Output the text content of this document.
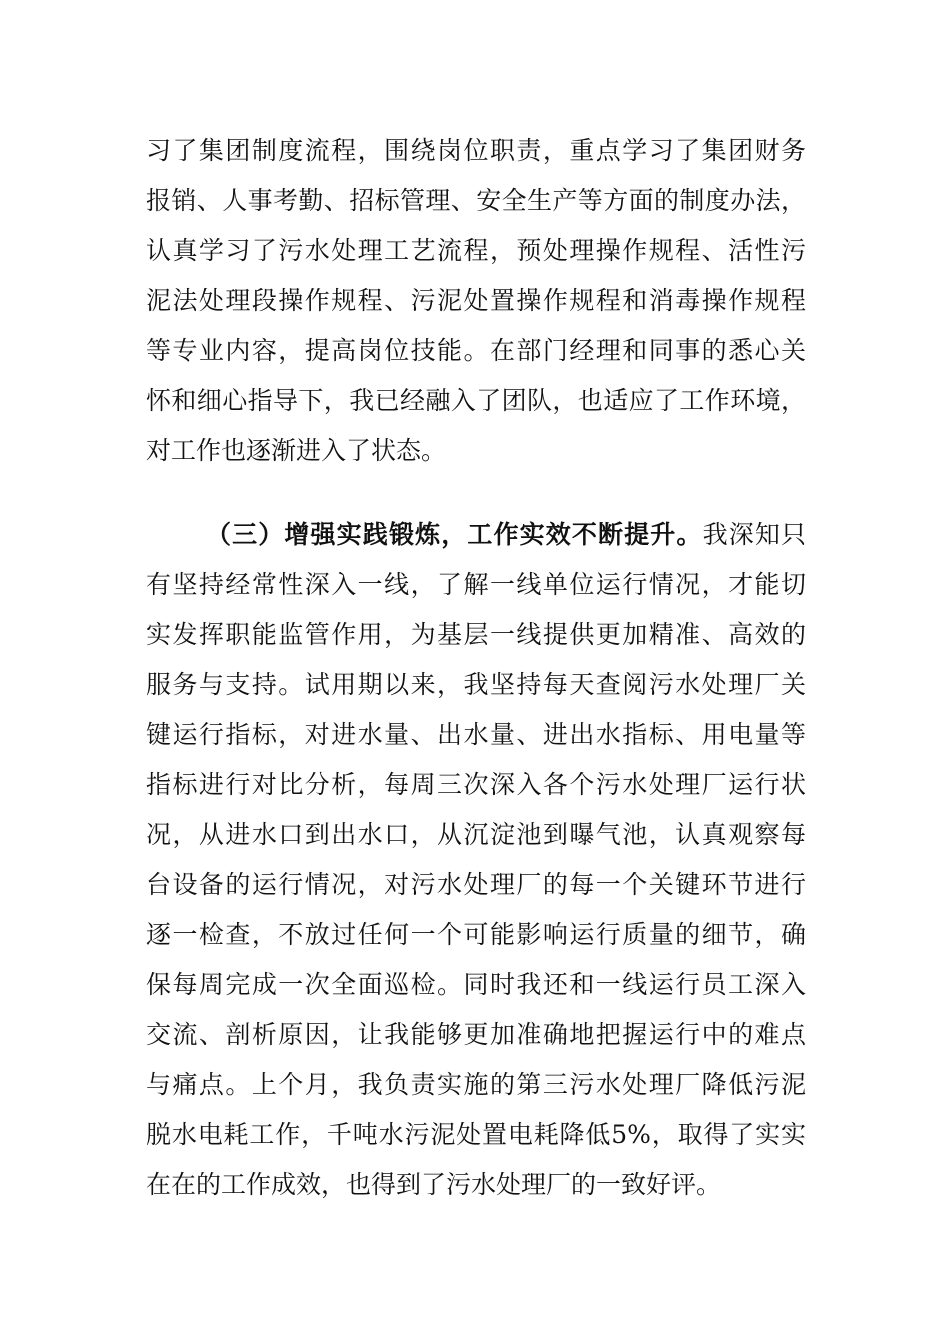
习了集团制度流程，围绕岗位职责，重点学习了集团财务
报销、人事考勤、招标管理、安全生产等方面的制度办法，
认真学习了污水处理工艺流程，预处理操作规程、活性污
泥法处理段操作规程、污泥处置操作规程和消毒操作规程
等专业内容，提高岗位技能。在部门经理和同事的悉心关
怀和细心指导下，我已经融入了团队，也适应了工作环境，
对工作也逐渐进入了状态。
（三）增强实践锻炼，工作实效不断提升。我深知只
有坚持经常性深入一线，了解一线单位运行情况，才能切
实发挥职能监管作用，为基层一线提供更加精准、高效的
服务与支持。试用期以来，我坚持每天查阅污水处理厂关
键运行指标，对进水量、出水量、进出水指标、用电量等
指标进行对比分析，每周三次深入各个污水处理厂运行状
况，从进水口到出水口，从沉淀池到曝气池，认真观察每
台设备的运行情况，对污水处理厂的每一个关键环节进行
逐一检查，不放过任何一个可能影响运行质量的细节，确
保每周完成一次全面巡检。同时我还和一线运行员工深入
交流、剖析原因，让我能够更加准确地把握运行中的难点
与痛点。上个月，我负责实施的第三污水处理厂降低污泥
脱水电耗工作，千吨水污泥处置电耗降低5%，取得了实实
在在的工作成效，也得到了污水处理厂的一致好评。
